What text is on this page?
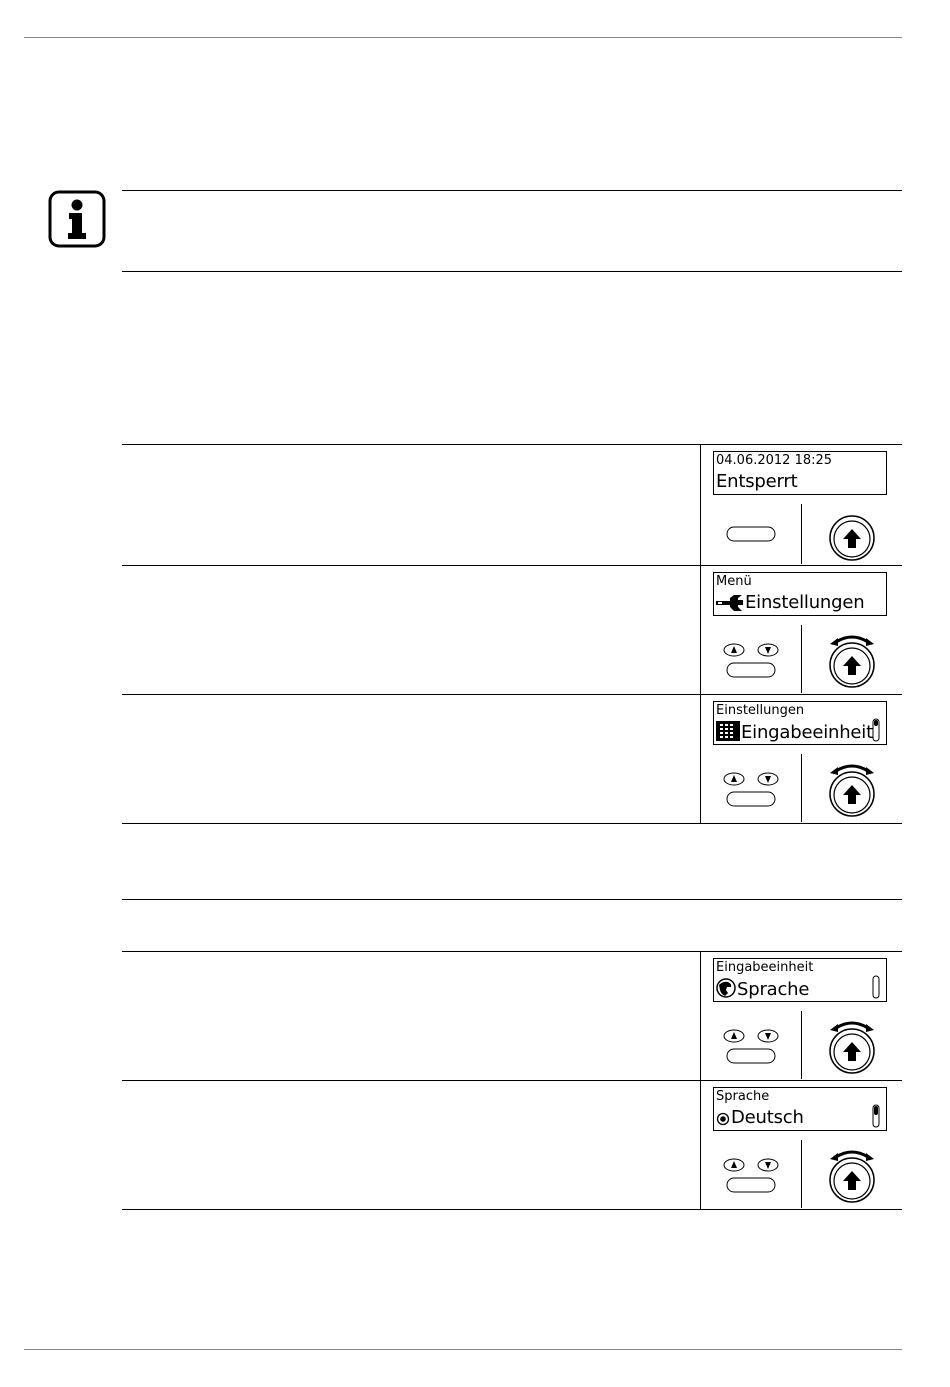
04.06.2012 18:25
Entsperrt
Menü
Einstellungen
Einstellungen
Eingabeeinheit
Eingabeeinheit
Sprache
Sprache
Deutsch
